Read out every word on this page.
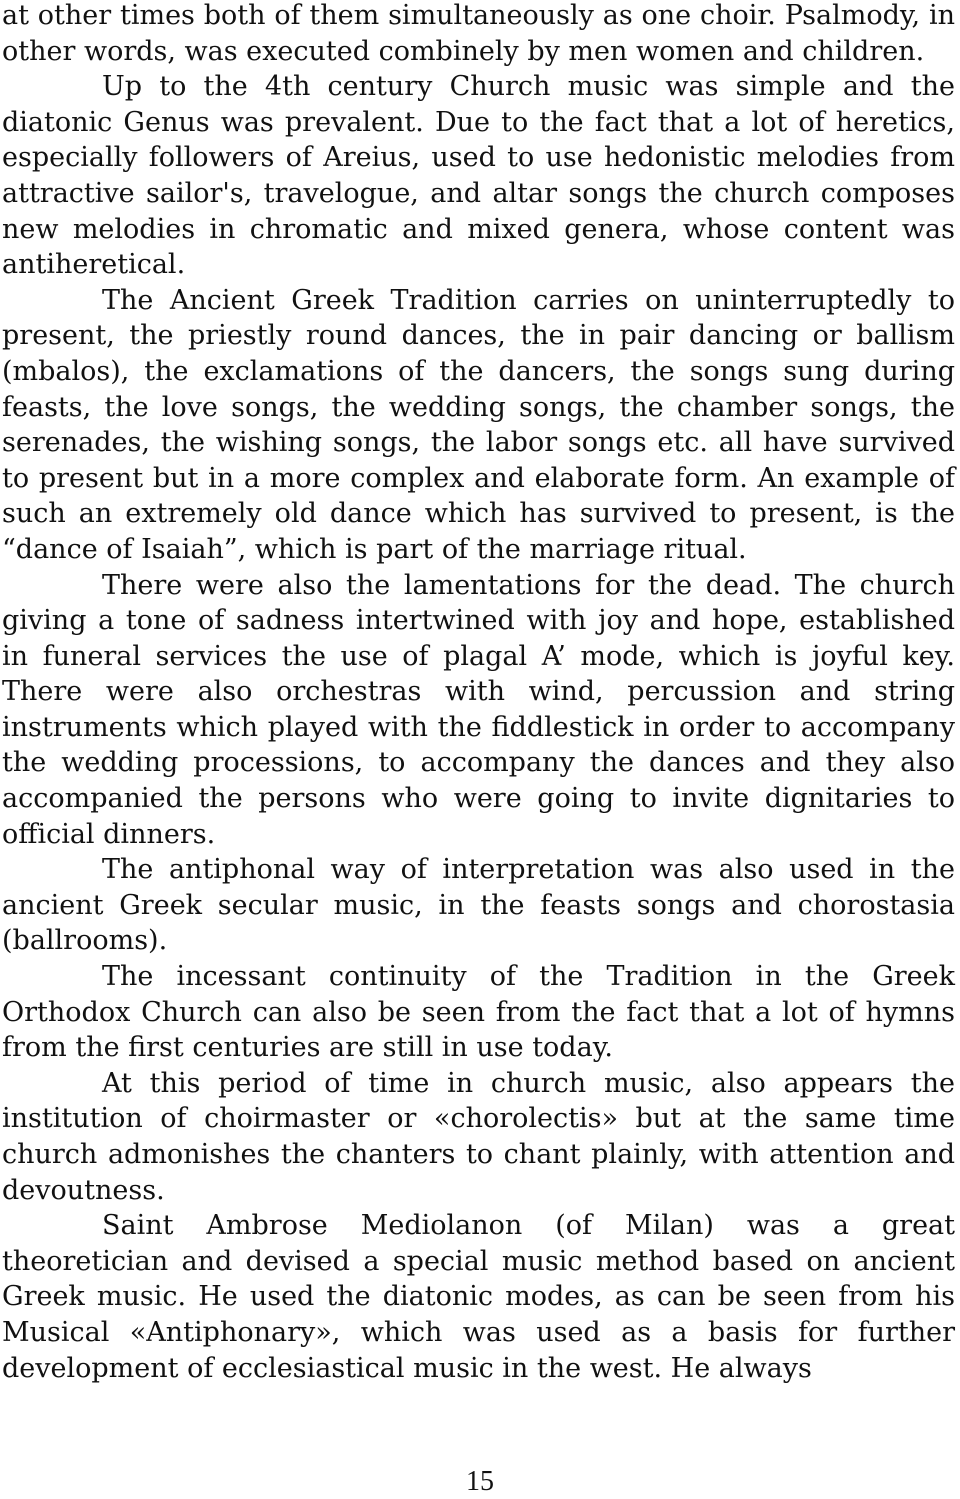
at other times both of them simultaneously as one choir. Psalmody, in other words, was executed combinely by men women and children.

Up to the 4th century Church music was simple and the diatonic Genus was prevalent. Due to the fact that a lot of heretics, especially followers of Areius, used to use hedonistic melodies from attractive sailor's, travelogue, and altar songs the church composes new melodies in chromatic and mixed genera, whose content was antiheretical.

The Ancient Greek Tradition carries on uninterruptedly to present, the priestly round dances, the in pair dancing or ballism (mbalos), the exclamations of the dancers, the songs sung during feasts, the love songs, the wedding songs, the chamber songs, the serenades, the wishing songs, the labor songs etc. all have survived to present but in a more complex and elaborate form. An example of such an extremely old dance which has survived to present, is the “dance of Isaiah”, which is part of the marriage ritual.

There were also the lamentations for the dead. The church giving a tone of sadness intertwined with joy and hope, established in funeral services the use of plagal A’ mode, which is joyful key. There were also orchestras with wind, percussion and string instruments which played with the fiddlestick in order to accompany the wedding processions, to accompany the dances and they also accompanied the persons who were going to invite dignitaries to official dinners.

The antiphonal way of interpretation was also used in the ancient Greek secular music, in the feasts songs and chorostasia (ballrooms).

The incessant continuity of the Tradition in the Greek Orthodox Church can also be seen from the fact that a lot of hymns from the first centuries are still in use today.

At this period of time in church music, also appears the institution of choirmaster or «chorolectis» but at the same time church admonishes the chanters to chant plainly, with attention and devoutness.

Saint Ambrose Mediolanon (of Milan) was a great theoretician and devised a special music method based on ancient Greek music. He used the diatonic modes, as can be seen from his Musical «Antiphonary», which was used as a basis for further development of ecclesiastical music in the west. He always

15
